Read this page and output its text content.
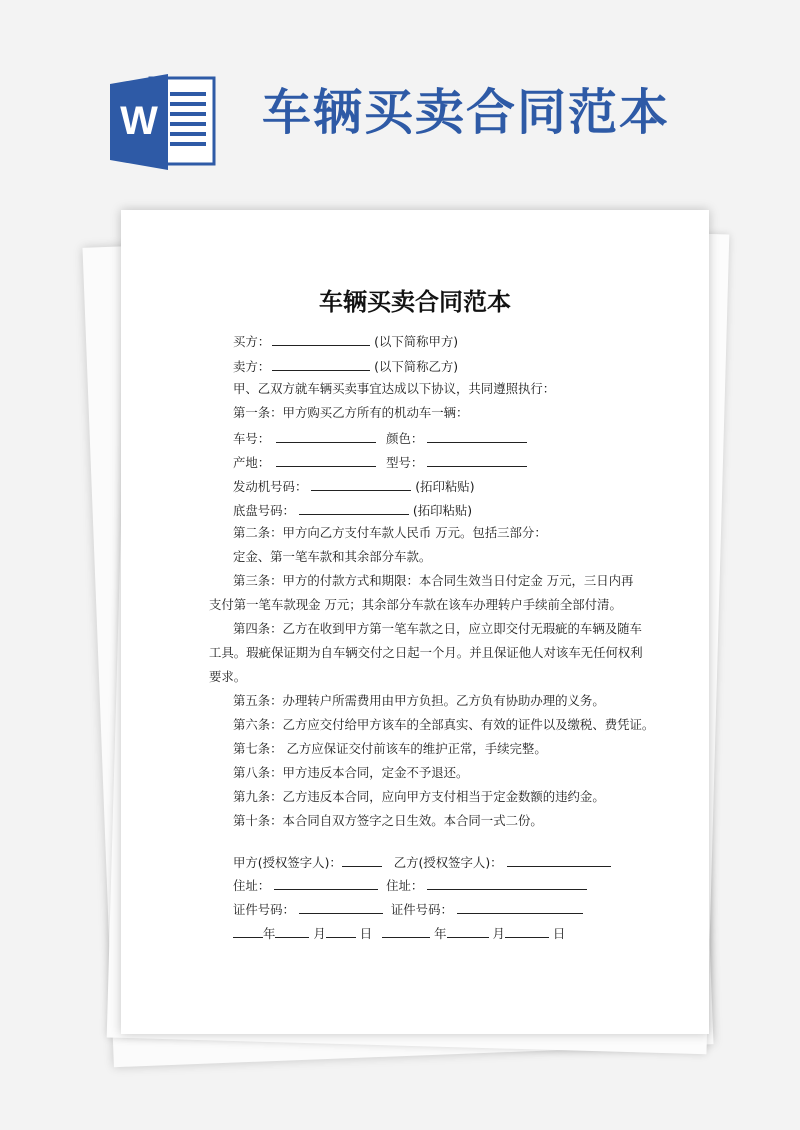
W 车辆买卖合同范本
车辆买卖合同范本
买方：	(以下简称甲方)
卖方：	(以下简称乙方)
甲、乙双方就车辆买卖事宜达成以下协议，共同遵照执行：
第一条：甲方购买乙方所有的机动车一辆：
车号：	颜色：
产地：	型号：
发动机号码：	(拓印粘贴)
底盘号码：	(拓印粘贴)
第二条：甲方向乙方支付车款人民币 万元。包括三部分：
定金、第一笔车款和其余部分车款。
第三条：甲方的付款方式和期限：本合同生效当日付定金 万元，三日内再
支付第一笔车款现金 万元；其余部分车款在该车办理转户手续前全部付清。
第四条：乙方在收到甲方第一笔车款之日，应立即交付无瑕疵的车辆及随车
工具。瑕疵保证期为自车辆交付之日起一个月。并且保证他人对该车无任何权利
要求。
第五条：办理转户所需费用由甲方负担。乙方负有协助办理的义务。
第六条：乙方应交付给甲方该车的全部真实、有效的证件以及缴税、费凭证。
第七条： 乙方应保证交付前该车的维护正常，手续完整。
第八条：甲方违反本合同，定金不予退还。
第九条：乙方违反本合同，应向甲方支付相当于定金数额的违约金。
第十条：本合同自双方签字之日生效。本合同一式二份。
甲方(授权签字人)：	乙方(授权签字人)：
住址：	住址：
证件号码：	证件号码：
年	月	日	年	月	日
